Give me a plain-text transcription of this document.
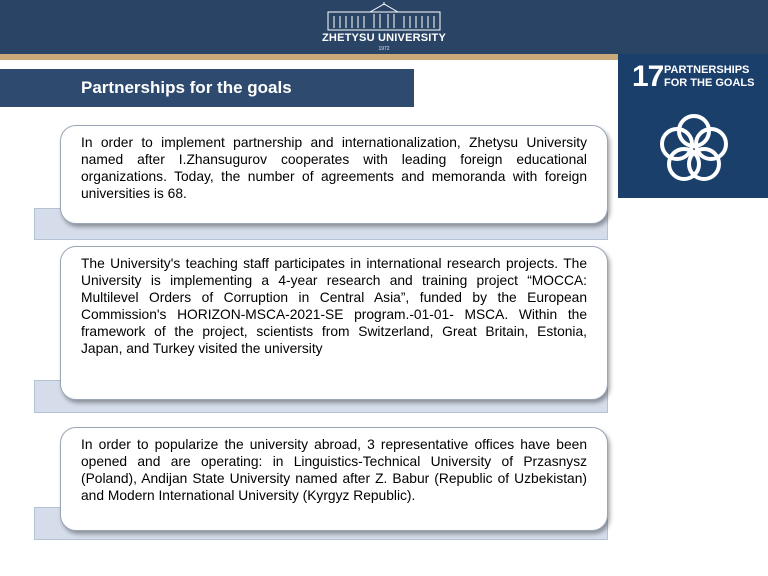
ZHETYSU UNIVERSITY
1972
Partnerships for the goals	17 PARTNERSHIPS
FOR THE GOALS
In order to implement partnership and internationalization, Zhetysu University named after I.Zhansugurov cooperates with leading foreign educational organizations. Today, the number of agreements and memoranda with foreign universities is 68.
The University's teaching staff participates in international research projects. The University is implementing a 4-year research and training project “MOCCA: Multilevel Orders of Corruption in Central Asia”, funded by the European Commission's HORIZON-MSCA-2021-SE program.-01-01- MSCA. Within the framework of the project, scientists from Switzerland, Great Britain, Estonia, Japan, and Turkey visited the university
In order to popularize the university abroad, 3 representative offices have been opened and are operating: in Linguistics-Technical University of Przasnysz (Poland), Andijan State University named after Z. Babur (Republic of Uzbekistan) and Modern International University (Kyrgyz Republic).
